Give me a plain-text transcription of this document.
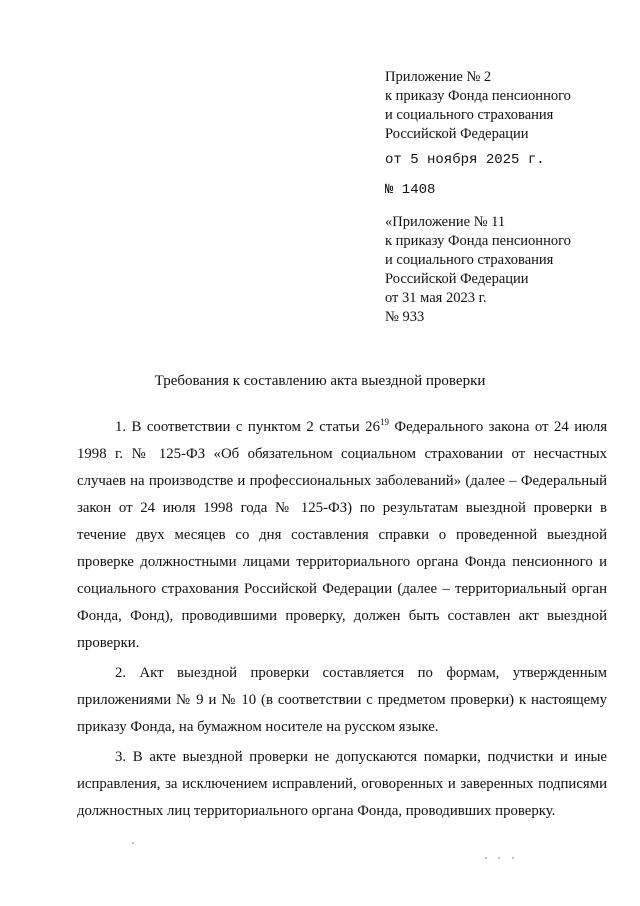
Приложение № 2
к приказу Фонда пенсионного
и социального страхования
Российской Федерации
от 5 ноября 2025 г.
№ 1408
«Приложение № 11
к приказу Фонда пенсионного
и социального страхования
Российской Федерации
от 31 мая 2023 г.
№ 933
Требования к составлению акта выездной проверки

1. В соответствии с пунктом 2 статьи $26^{19}$ Федерального закона от 24 июля 1998 г. № 125-ФЗ «Об обязательном социальном страховании от несчастных случаев на производстве и профессиональных заболеваний» (далее – Федеральный закон от 24 июля 1998 года № 125-ФЗ) по результатам выездной проверки в течение двух месяцев со дня составления справки о проведенной выездной проверке должностными лицами территориального органа Фонда пенсионного и социального страхования Российской Федерации (далее – территориальный орган Фонда, Фонд), проводившими проверку, должен быть составлен акт выездной проверки.

2. Акт выездной проверки составляется по формам, утвержденным приложениями № 9 и № 10 (в соответствии с предметом проверки) к настоящему приказу Фонда, на бумажном носителе на русском языке.

3. В акте выездной проверки не допускаются помарки, подчистки и иные исправления, за исключением исправлений, оговоренных и заверенных подписями должностных лиц территориального органа Фонда, проводивших проверку.
